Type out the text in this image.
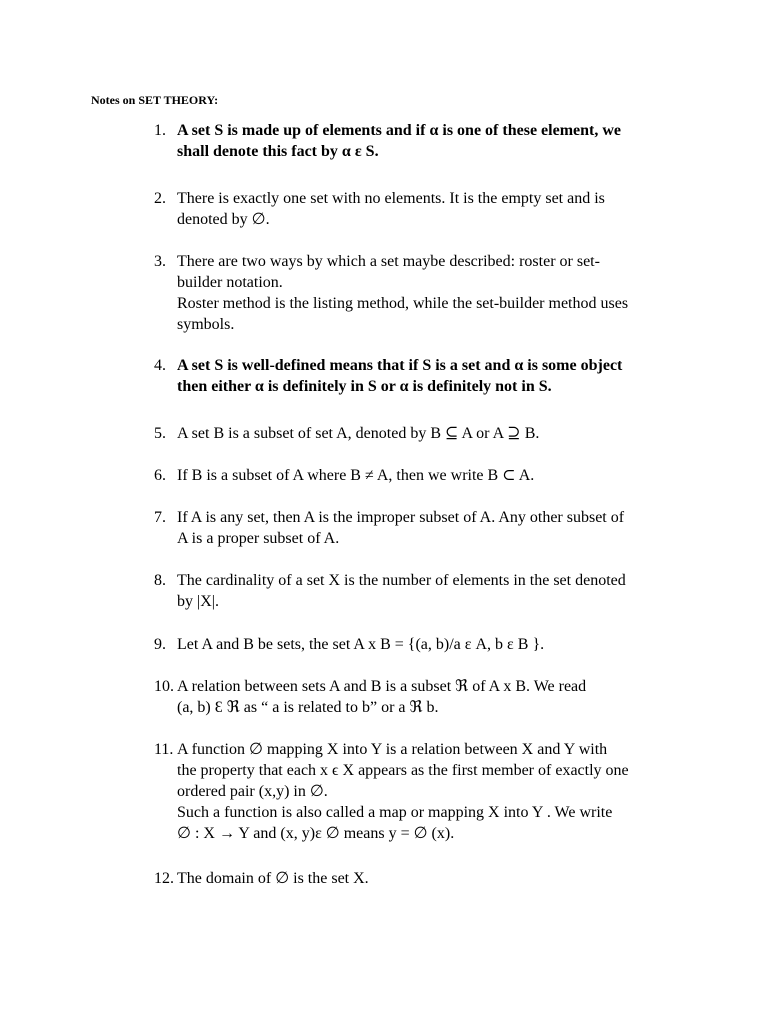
Notes on SET THEORY:
1. A set S is made up of elements and if α is one of these element, we
shall denote this fact by α ε S.
2. There is exactly one set with no elements. It is the empty set and is
denoted by ∅.
3. There are two ways by which a set maybe described: roster or set-
builder notation.
Roster method is the listing method, while the set-builder method uses
symbols.
4. A set S is well-defined means that if S is a set and α is some object
then either α is definitely in S or α is definitely not in S.
5. A set B is a subset of set A, denoted by B ⊆ A or A ⊇ B.
6. If B is a subset of A where B ≠ A, then we write B ⊂ A.
7. If A is any set, then A is the improper subset of A. Any other subset of
A is a proper subset of A.
8. The cardinality of a set X is the number of elements in the set denoted
by |X|.
9. Let A and B be sets, the set A x B = {(a, b)/a ε A, b ε B }.
10. A relation between sets A and B is a subset ℜ of A x B. We read
(a, b) Ɛ ℜ as “ a is related to b” or a ℜ b.
11. A function ∅ mapping X into Y is a relation between X and Y with
the property that each x ϵ X appears as the first member of exactly one
ordered pair (x,y) in ∅.
Such a function is also called a map or mapping X into Y . We write
∅ : X → Y and (x, y)ε ∅ means y = ∅ (x).
12. The domain of ∅ is the set X.
